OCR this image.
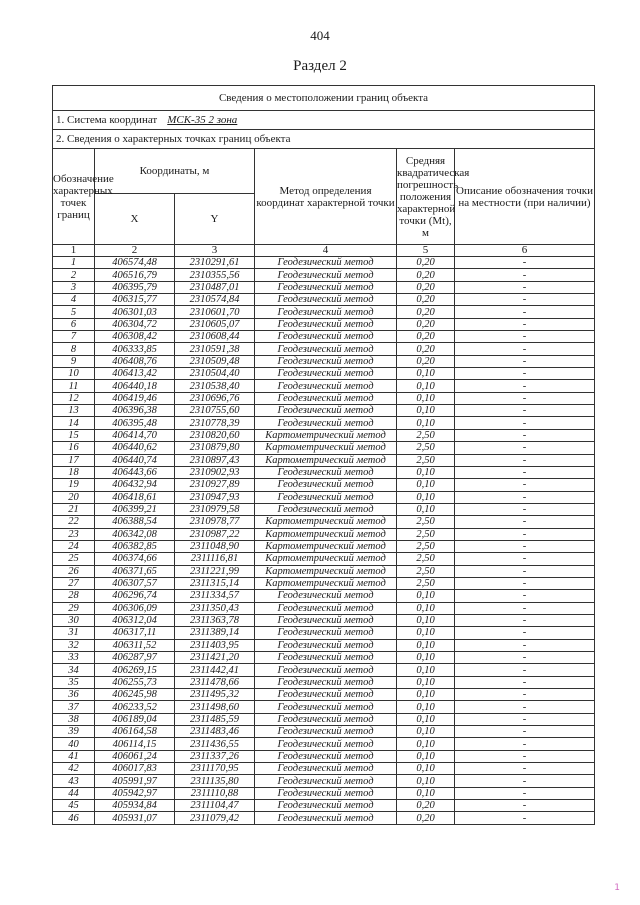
404
Раздел 2
Сведения о местоположении границ объекта					
1. Система координат МСК-35 2 зона					
2. Сведения о характерных точках границ объекта					
Обозначение характерных точек границ	Координаты, м		Метод определения координат характерной точки	Средняя квадратическая погрешность положения характерной точки (Mt), м	Описание обозначения точки на местности (при наличии)
	X	Y			
1	2	3	4	5	6
1	406574,48	2310291,61	Геодезический метод	0,20	-
2	406516,79	2310355,56	Геодезический метод	0,20	-
3	406395,79	2310487,01	Геодезический метод	0,20	-
4	406315,77	2310574,84	Геодезический метод	0,20	-
5	406301,03	2310601,70	Геодезический метод	0,20	-
6	406304,72	2310605,07	Геодезический метод	0,20	-
7	406308,42	2310608,44	Геодезический метод	0,20	-
8	406333,85	2310591,38	Геодезический метод	0,20	-
9	406408,76	2310509,48	Геодезический метод	0,20	-
10	406413,42	2310504,40	Геодезический метод	0,10	-
11	406440,18	2310538,40	Геодезический метод	0,10	-
12	406419,46	2310696,76	Геодезический метод	0,10	-
13	406396,38	2310755,60	Геодезический метод	0,10	-
14	406395,48	2310778,39	Геодезический метод	0,10	-
15	406414,70	2310820,60	Картометрический метод	2,50	-
16	406440,62	2310879,80	Картометрический метод	2,50	-
17	406440,74	2310897,43	Картометрический метод	2,50	-
18	406443,66	2310902,93	Геодезический метод	0,10	-
19	406432,94	2310927,89	Геодезический метод	0,10	-
20	406418,61	2310947,93	Геодезический метод	0,10	-
21	406399,21	2310979,58	Геодезический метод	0,10	-
22	406388,54	2310978,77	Картометрический метод	2,50	-
23	406342,08	2310987,22	Картометрический метод	2,50	-
24	406382,85	2311048,90	Картометрический метод	2,50	-
25	406374,66	2311116,81	Картометрический метод	2,50	-
26	406371,65	2311221,99	Картометрический метод	2,50	-
27	406307,57	2311315,14	Картометрический метод	2,50	-
28	406296,74	2311334,57	Геодезический метод	0,10	-
29	406306,09	2311350,43	Геодезический метод	0,10	-
30	406312,04	2311363,78	Геодезический метод	0,10	-
31	406317,11	2311389,14	Геодезический метод	0,10	-
32	406311,52	2311403,95	Геодезический метод	0,10	-
33	406287,97	2311421,20	Геодезический метод	0,10	-
34	406269,15	2311442,41	Геодезический метод	0,10	-
35	406255,73	2311478,66	Геодезический метод	0,10	-
36	406245,98	2311495,32	Геодезический метод	0,10	-
37	406233,52	2311498,60	Геодезический метод	0,10	-
38	406189,04	2311485,59	Геодезический метод	0,10	-
39	406164,58	2311483,46	Геодезический метод	0,10	-
40	406114,15	2311436,55	Геодезический метод	0,10	-
41	406061,24	2311337,26	Геодезический метод	0,10	-
42	406017,83	2311170,95	Геодезический метод	0,10	-
43	405991,97	2311135,80	Геодезический метод	0,10	-
44	405942,97	2311110,88	Геодезический метод	0,10	-
45	405934,84	2311104,47	Геодезический метод	0,20	-
46	405931,07	2311079,42	Геодезический метод	0,20	-
1
